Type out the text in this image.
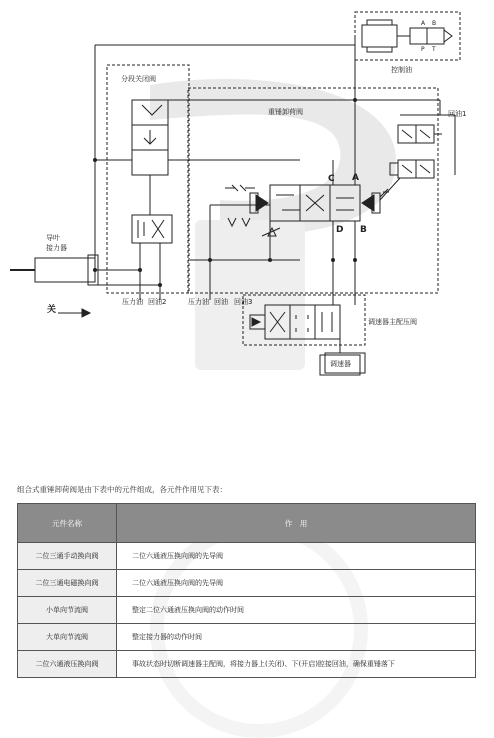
控制油
分段关闭阀
重锤卸荷阀	回油1
导叶
接力器
关
压力油 回油2	压力油 回油 回油3
调速器主配压阀
调速器
C A
D B
A B
P T
组合式重锤卸荷阀是由下表中的元件组成，各元件作用见下表：
元件名称	作　用
二位三通手动换向阀	二位六通液压换向阀的先导阀
二位三通电磁换向阀	二位六通液压换向阀的先导阀
小单向节流阀	整定二位六通液压换向阀的动作时间
大单向节流阀	整定接力器的动作时间
二位六通液压换向阀	事故状态时切断调速器主配阀，将接力器上(关闭)、下(开启)腔接回油，确保重锤落下
